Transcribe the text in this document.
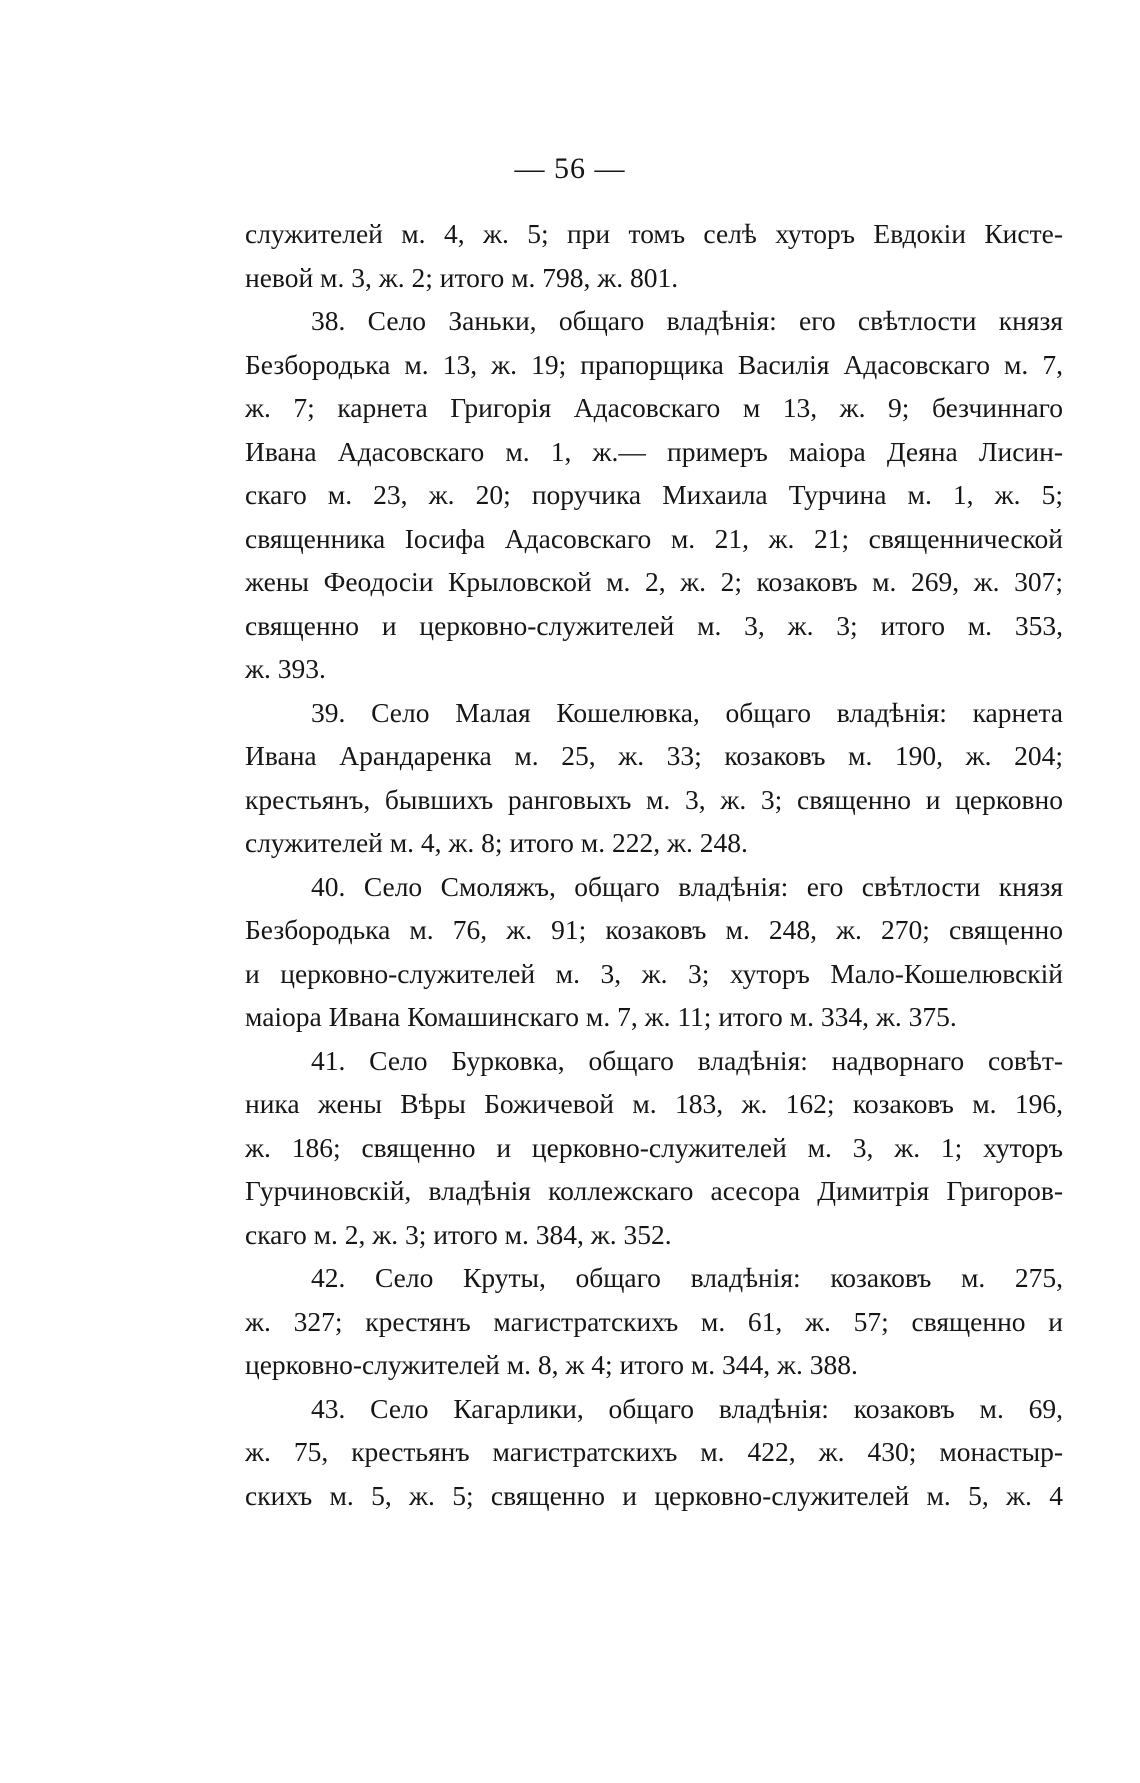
— 56 —
служителей м. 4, ж. 5; при томъ селѣ хуторъ Евдокіи Кисте-
невой м. 3, ж. 2; итого м. 798, ж. 801.
38. Село Заньки, общаго владѣнія: его свѣтлости князя
Безбородька м. 13, ж. 19; прапорщика Василія Адасовскаго м. 7,
ж. 7; карнета Григорія Адасовскаго м 13, ж. 9; безчиннаго
Ивана Адасовскаго м. 1, ж.— примеръ маіора Деяна Лисин-
скаго м. 23, ж. 20; поручика Михаила Турчина м. 1, ж. 5;
священника Іосифа Адасовскаго м. 21, ж. 21; священнической
жены Феодосіи Крыловской м. 2, ж. 2; козаковъ м. 269, ж. 307;
священно и церковно-служителей м. 3, ж. 3; итого м. 353,
ж. 393.
39. Село Малая Кошелювка, общаго владѣнія: карнета
Ивана Арандаренка м. 25, ж. 33; козаковъ м. 190, ж. 204;
крестьянъ, бывшихъ ранговыхъ м. 3, ж. 3; священно и церковно
служителей м. 4, ж. 8; итого м. 222, ж. 248.
40. Село Смоляжъ, общаго владѣнія: его свѣтлости князя
Безбородька м. 76, ж. 91; козаковъ м. 248, ж. 270; священно
и церковно-служителей м. 3, ж. 3; хуторъ Мало-Кошелювскій
маіора Ивана Комашинскаго м. 7, ж. 11; итого м. 334, ж. 375.
41. Село Бурковка, общаго владѣнія: надворнаго совѣт-
ника жены Вѣры Божичевой м. 183, ж. 162; козаковъ м. 196,
ж. 186; священно и церковно-служителей м. 3, ж. 1; хуторъ
Гурчиновскій, владѣнія коллежскаго асесора Димитрія Григоров-
скаго м. 2, ж. 3; итого м. 384, ж. 352.
42. Село Круты, общаго владѣнія: козаковъ м. 275,
ж. 327; крестянъ магистратскихъ м. 61, ж. 57; священно и
церковно-служителей м. 8, ж 4; итого м. 344, ж. 388.
43. Село Кагарлики, общаго владѣнія: козаковъ м. 69,
ж. 75, крестьянъ магистратскихъ м. 422, ж. 430; монастыр-
скихъ м. 5, ж. 5; священно и церковно-служителей м. 5, ж. 4
